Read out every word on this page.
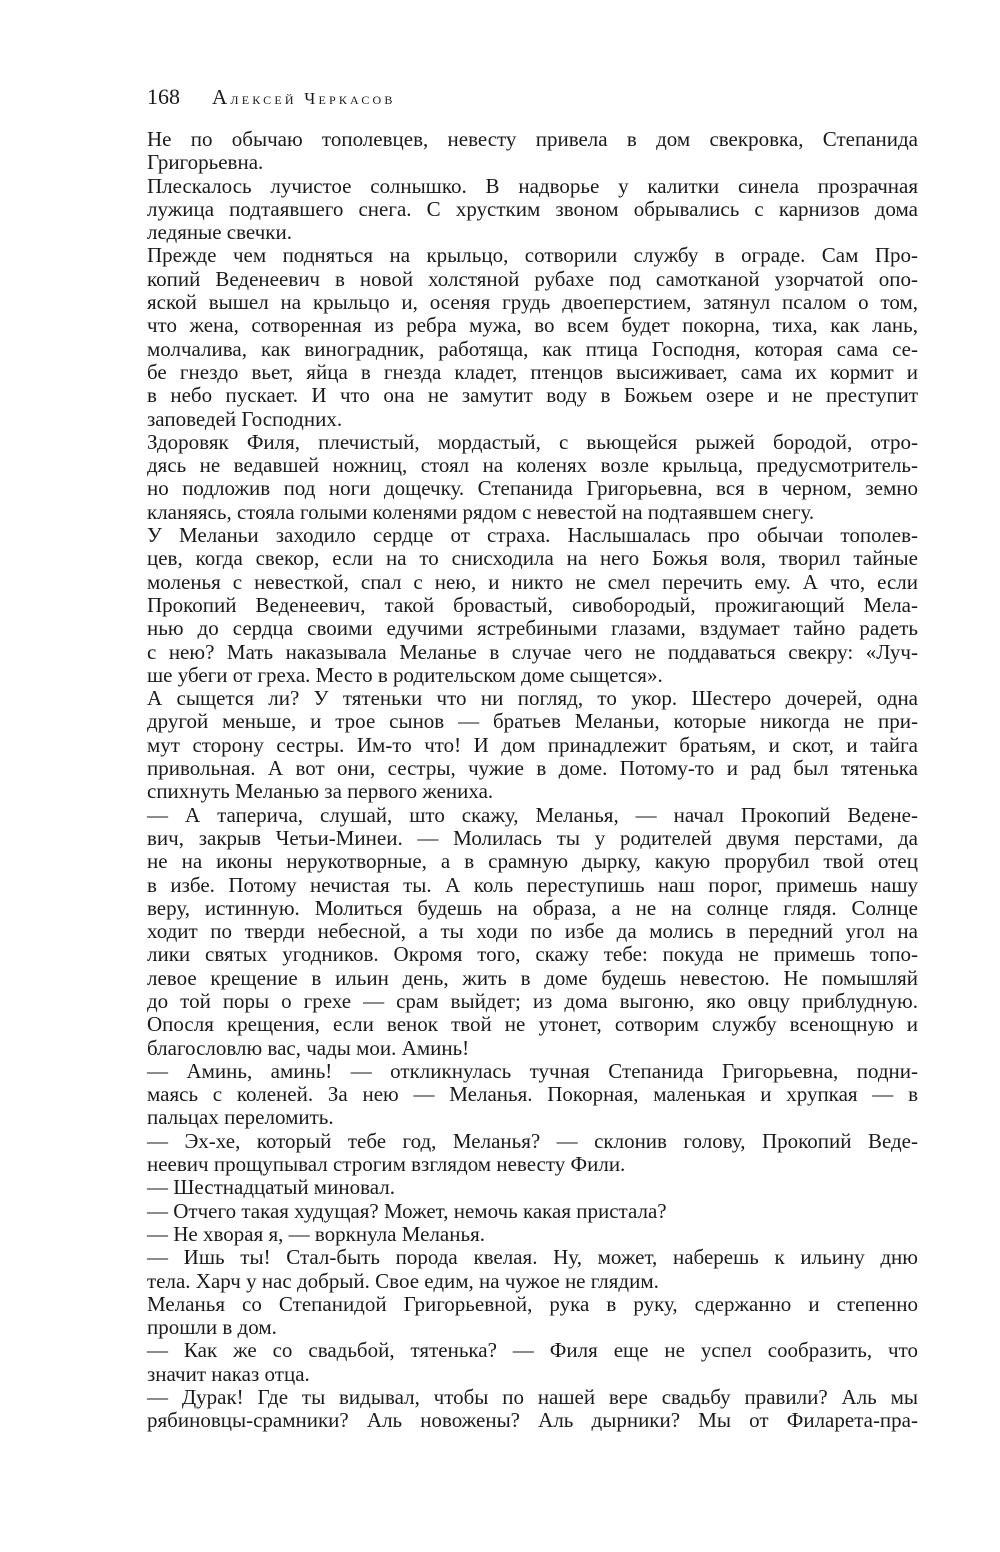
168 Алексей Черкасов
Не по обычаю тополевцев, невесту привела в дом свекровка, Степанида
Григорьевна.
Плескалось лучистое солнышко. В надворье у калитки синела прозрачная
лужица подтаявшего снега. С хрустким звоном обрывались с карнизов дома
ледяные свечки.
Прежде чем подняться на крыльцо, сотворили службу в ограде. Сам Про-
копий Веденеевич в новой холстяной рубахе под самотканой узорчатой опо-
яской вышел на крыльцо и, осеняя грудь двоеперстием, затянул псалом о том,
что жена, сотворенная из ребра мужа, во всем будет покорна, тиха, как лань,
молчалива, как виноградник, работяща, как птица Господня, которая сама се-
бе гнездо вьет, яйца в гнезда кладет, птенцов высиживает, сама их кормит и
в небо пускает. И что она не замутит воду в Божьем озере и не преступит
заповедей Господних.
Здоровяк Филя, плечистый, мордастый, с вьющейся рыжей бородой, отро-
дясь не ведавшей ножниц, стоял на коленях возле крыльца, предусмотритель-
но подложив под ноги дощечку. Степанида Григорьевна, вся в черном, земно
кланяясь, стояла голыми коленями рядом с невестой на подтаявшем снегу.
У Меланьи заходило сердце от страха. Наслышалась про обычаи тополев-
цев, когда свекор, если на то снисходила на него Божья воля, творил тайные
моленья с невесткой, спал с нею, и никто не смел перечить ему. А что, если
Прокопий Веденеевич, такой бровастый, сивобородый, прожигающий Мела-
нью до сердца своими едучими ястребиными глазами, вздумает тайно радеть
с нею? Мать наказывала Меланье в случае чего не поддаваться свекру: «Луч-
ше убеги от греха. Место в родительском доме сыщется».
А сыщется ли? У тятеньки что ни погляд, то укор. Шестеро дочерей, одна
другой меньше, и трое сынов — братьев Меланьи, которые никогда не при-
мут сторону сестры. Им-то что! И дом принадлежит братьям, и скот, и тайга
привольная. А вот они, сестры, чужие в доме. Потому-то и рад был тятенька
спихнуть Меланью за первого жениха.
— А таперича, слушай, што скажу, Меланья, — начал Прокопий Ведене-
вич, закрыв Четьи-Минеи. — Молилась ты у родителей двумя перстами, да
не на иконы нерукотворные, а в срамную дырку, какую прорубил твой отец
в избе. Потому нечистая ты. А коль переступишь наш порог, примешь нашу
веру, истинную. Молиться будешь на образа, а не на солнце глядя. Солнце
ходит по тверди небесной, а ты ходи по избе да молись в передний угол на
лики святых угодников. Окромя того, скажу тебе: покуда не примешь топо-
левое крещение в ильин день, жить в доме будешь невестою. Не помышляй
до той поры о грехе — срам выйдет; из дома выгоню, яко овцу приблудную.
Опосля крещения, если венок твой не утонет, сотворим службу всенощную и
благословлю вас, чады мои. Аминь!
— Аминь, аминь! — откликнулась тучная Степанида Григорьевна, подни-
маясь с коленей. За нею — Меланья. Покорная, маленькая и хрупкая — в
пальцах переломить.
— Эх-хе, который тебе год, Меланья? — склонив голову, Прокопий Веде-
неевич прощупывал строгим взглядом невесту Фили.
— Шестнадцатый миновал.
— Отчего такая худущая? Может, немочь какая пристала?
— Не хворая я, — воркнула Меланья.
— Ишь ты! Стал-быть порода квелая. Ну, может, наберешь к ильину дню
тела. Харч у нас добрый. Свое едим, на чужое не глядим.
Меланья со Степанидой Григорьевной, рука в руку, сдержанно и степенно
прошли в дом.
— Как же со свадьбой, тятенька? — Филя еще не успел сообразить, что
значит наказ отца.
— Дурак! Где ты видывал, чтобы по нашей вере свадьбу правили? Аль мы
рябиновцы-срамники? Аль новожены? Аль дырники? Мы от Филарета-пра-
